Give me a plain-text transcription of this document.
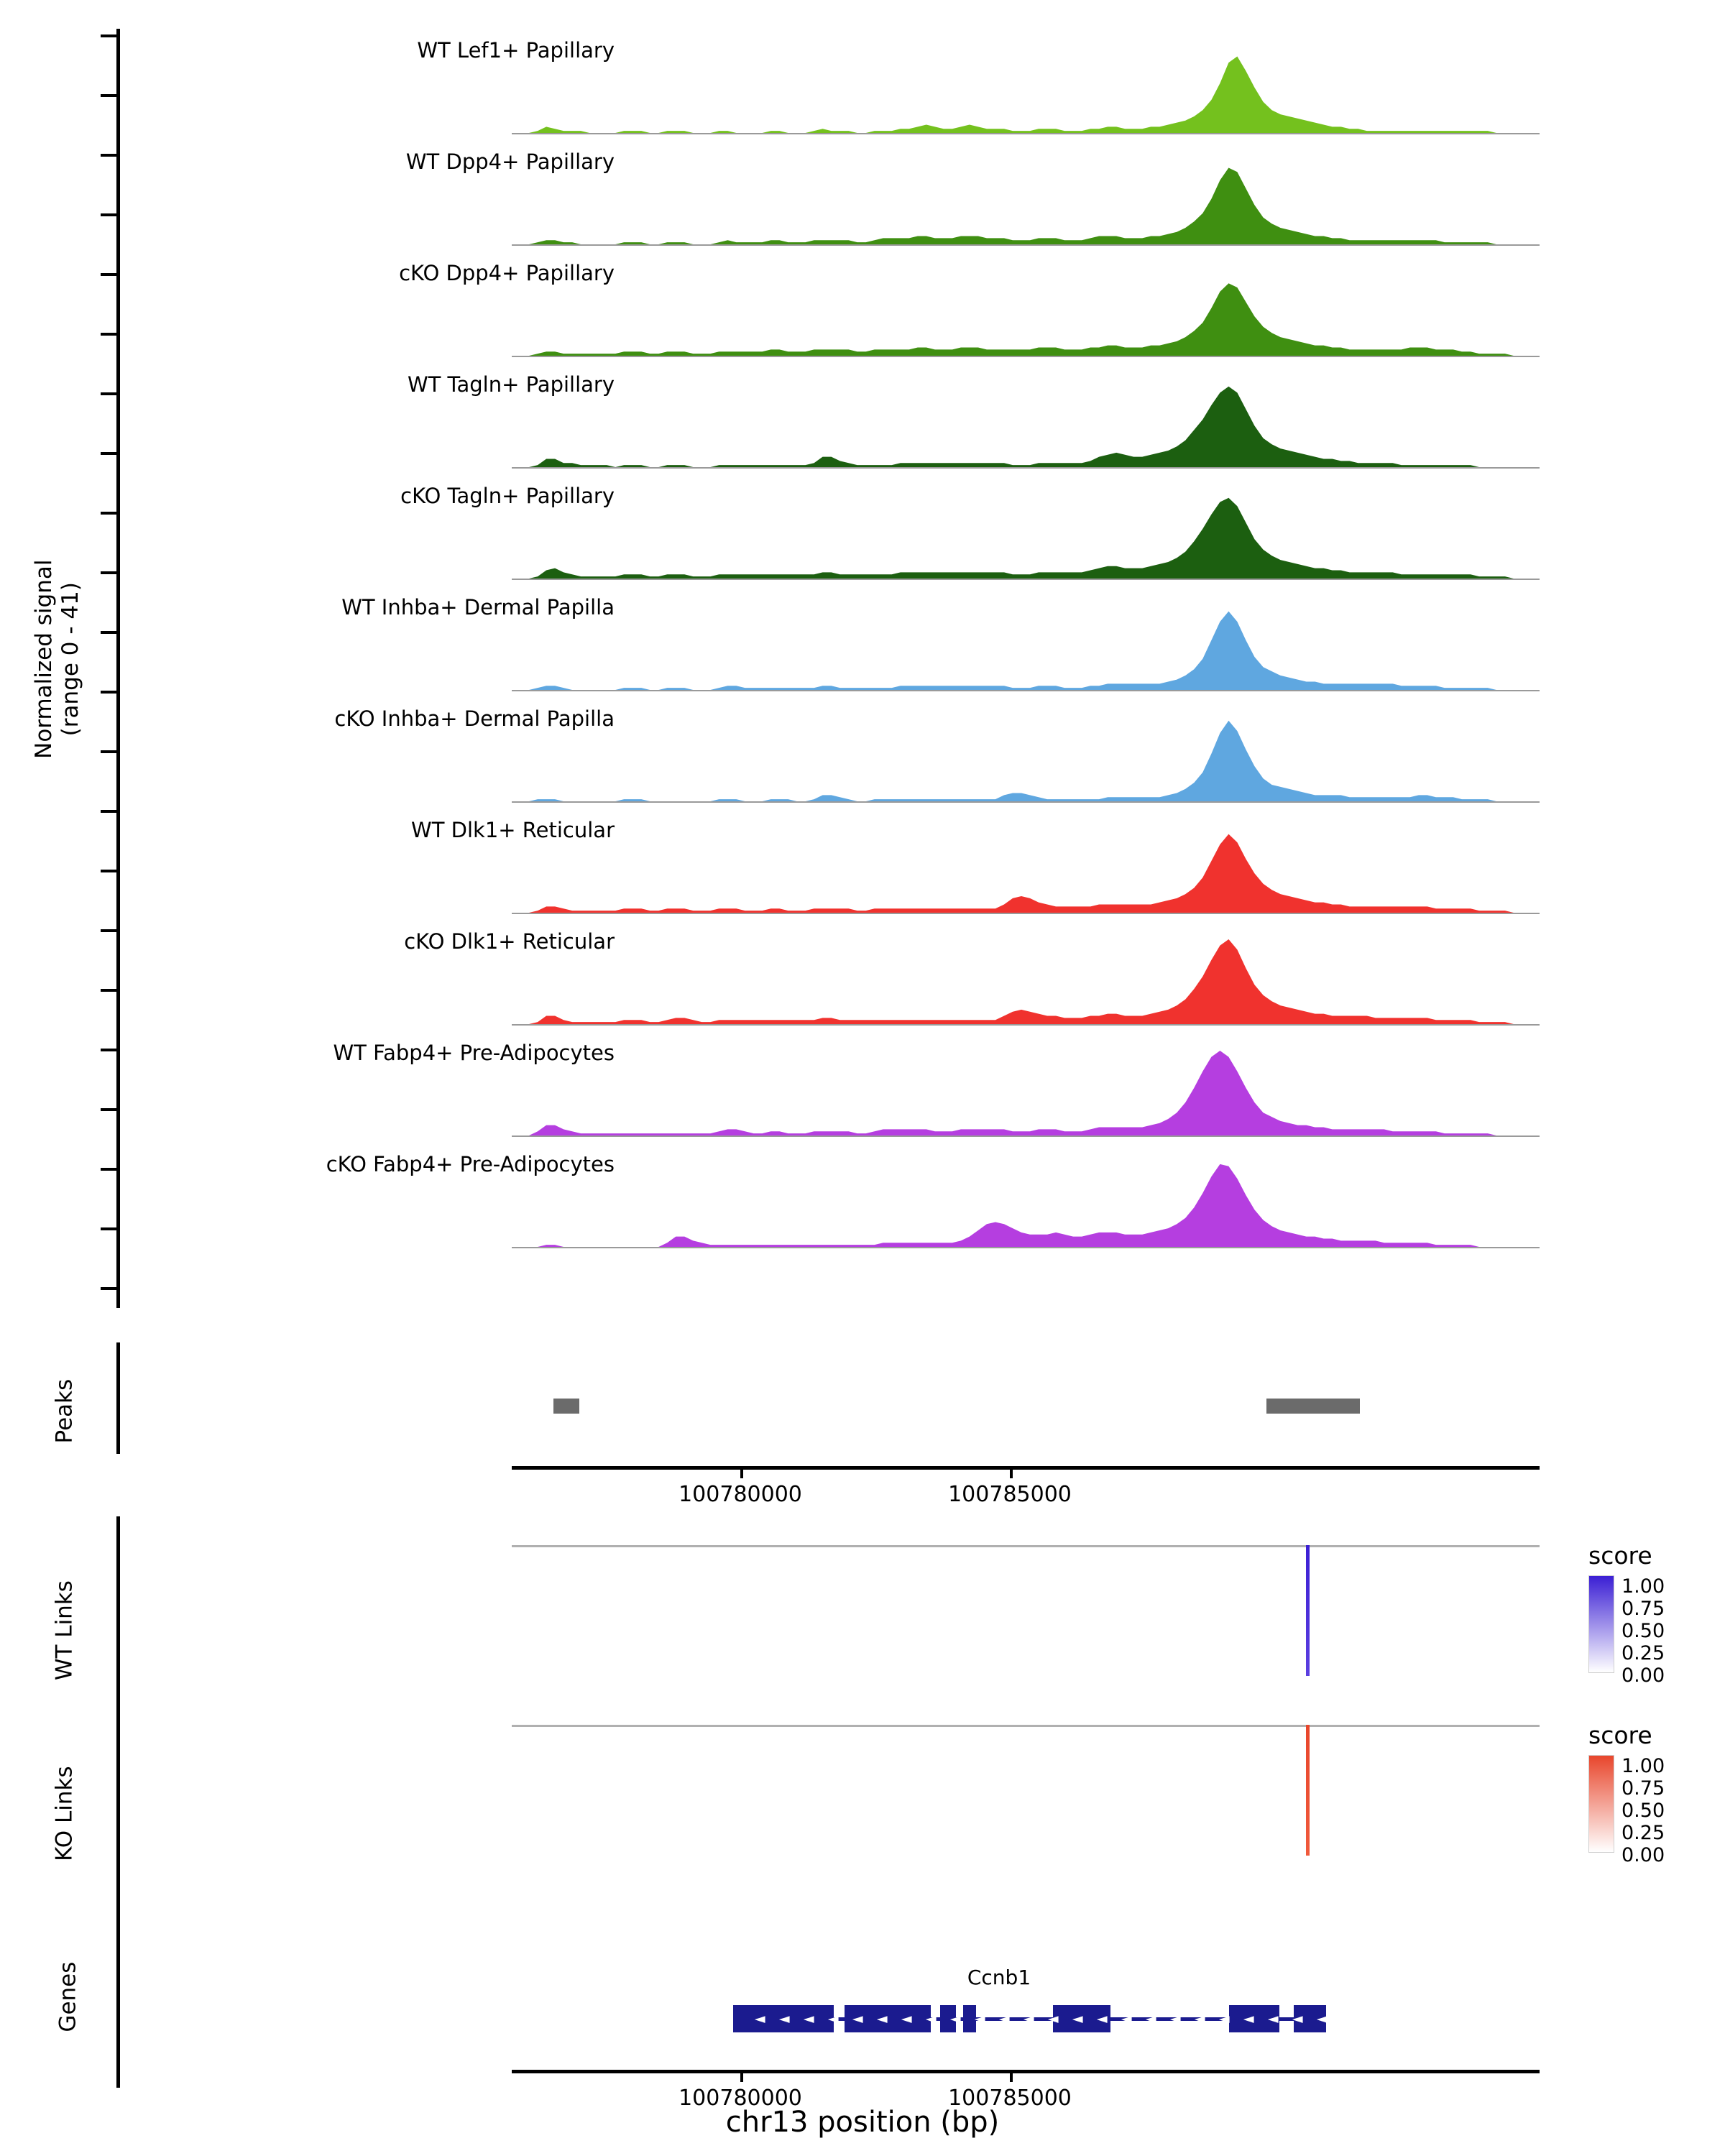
Normalized signal (range 0 - 41)
WT Lef1+ Papillary
WT Dpp4+ Papillary
cKO Dpp4+ Papillary
WT Tagln+ Papillary
cKO Tagln+ Papillary
WT Inhba+ Dermal Papilla
cKO Inhba+ Dermal Papilla
WT Dlk1+ Reticular
cKO Dlk1+ Reticular
WT Fabp4+ Pre-Adipocytes
cKO Fabp4+ Pre-Adipocytes
Peaks
100780000	100785000
WT Links
score
1.00
0.75
0.50
0.25
0.00
KO Links
score
1.00
0.75
0.50
0.25
0.00
Genes	Ccnb1
◄ ◄ ◄ ◄ ◄ ◄ ◄ ◄ ◄ ◄ ◄ ◄ ◄ ◄ ◄ ◄ ◄ ◄ ◄ ◄ ◄ ◄ ◄ ◄
100780000	100785000
chr13 position (bp)
